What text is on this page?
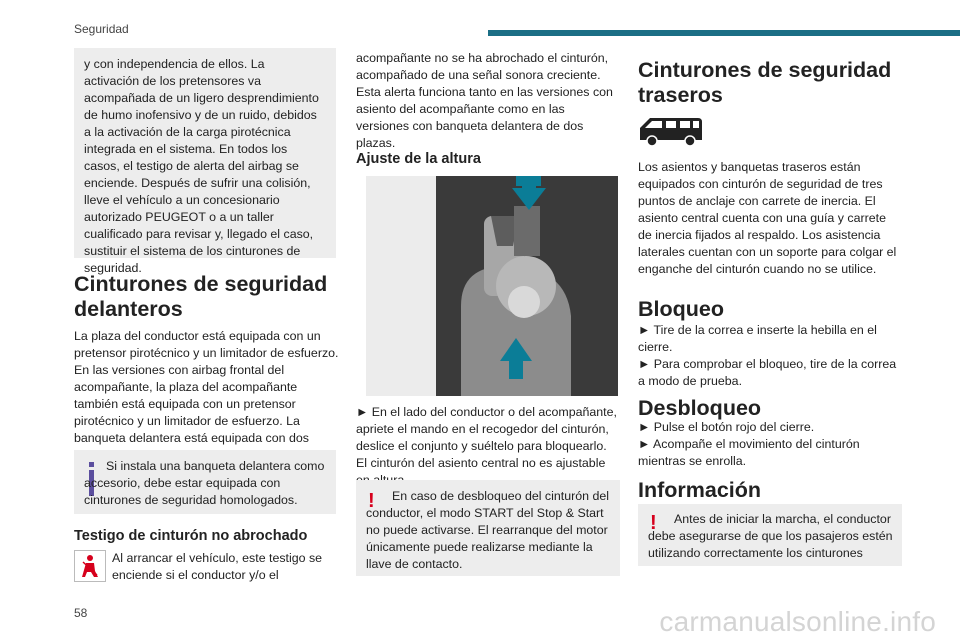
Seguridad
58	carmanualsonline.info

y con independencia de ellos. La activación de los pretensores va acompañada de un ligero desprendimiento de humo inofensivo y de un ruido, debidos a la activación de la carga pirotécnica integrada en el sistema. En todos los casos, el testigo de alerta del airbag se enciende. Después de sufrir una colisión, lleve el vehículo a un concesionario autorizado PEUGEOT o a un taller cualificado para revisar y, llegado el caso, sustituir el sistema de los cinturones de seguridad.

Cinturones de seguridad
delanteros

La plaza del conductor está equipada con un pretensor pirotécnico y un limitador de esfuerzo. En las versiones con airbag frontal del acompañante, la plaza del acompañante también está equipada con un pretensor pirotécnico y un limitador de esfuerzo. La banqueta delantera está equipada con dos

Si instala una banqueta delantera como accesorio, debe estar equipada con cinturones de seguridad homologados.

Testigo de cinturón no abrochado

Al arrancar el vehículo, este testigo se enciende si el conductor y/o el

acompañante no se ha abrochado el cinturón, acompañado de una señal sonora creciente. Esta alerta funciona tanto en las versiones con asiento del acompañante como en las versiones con banqueta delantera de dos plazas.

Ajuste de la altura

► En el lado del conductor o del acompañante, apriete el mando en el recogedor del cinturón, deslice el conjunto y suéltelo para bloquearlo. El cinturón del asiento central no es ajustable

!	En caso de desbloqueo del cinturón del conductor, el modo START del Stop & Start no puede activarse. El rearranque del motor únicamente puede realizarse mediante la llave de contacto.

Cinturones de seguridad
traseros

Los asientos y banquetas traseros están equipados con cinturón de seguridad de tres puntos de anclaje con carrete de inercia. El asiento central cuenta con una guía y carrete de inercia fijados al respaldo. Los asistencia laterales cuentan con un soporte para colgar el enganche del cinturón cuando no se utilice.

Bloqueo

► Tire de la correa e inserte la hebilla en el cierre.

► Para comprobar el bloqueo, tire de la correa a modo de prueba.

Desbloqueo

► Pulse el botón rojo del cierre.

► Acompañe el movimiento del cinturón mientras se enrolla.

Información
!	Antes de iniciar la marcha, el conductor debe asegurarse de que los pasajeros estén utilizando correctamente los cinturones
